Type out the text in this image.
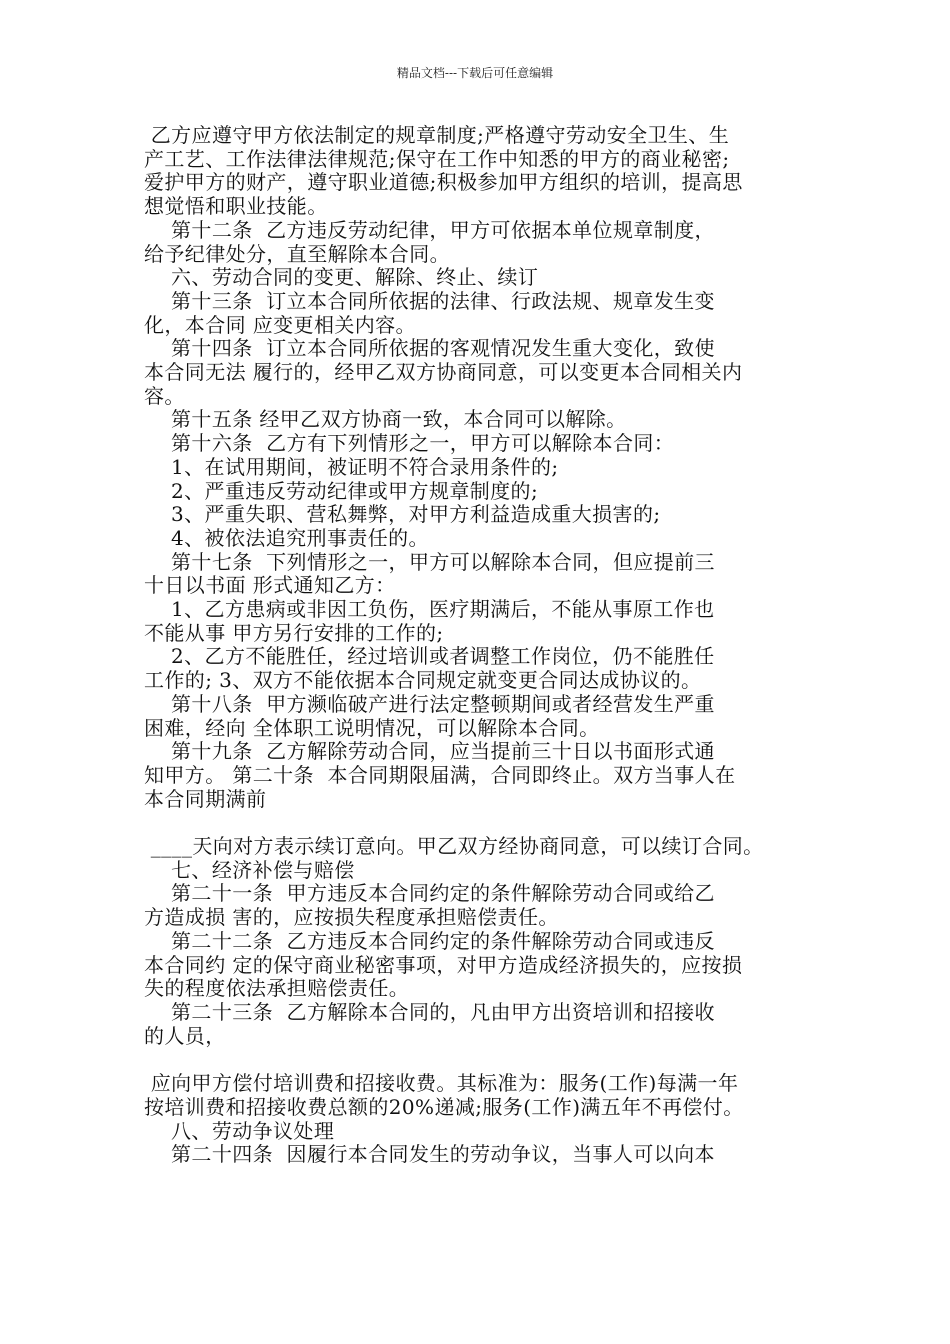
精品文档---下载后可任意编辑

乙方应遵守甲方依法制定的规章制度;严格遵守劳动安全卫生、生

产工艺、工作法律法律规范;保守在工作中知悉的甲方的商业秘密;

爱护甲方的财产，遵守职业道德;积极参加甲方组织的培训，提高思

想觉悟和职业技能。

第十二条  乙方违反劳动纪律，甲方可依据本单位规章制度，

给予纪律处分，直至解除本合同。

六、劳动合同的变更、解除、终止、续订

第十三条  订立本合同所依据的法律、行政法规、规章发生变

化，本合同 应变更相关内容。

第十四条  订立本合同所依据的客观情况发生重大变化，致使

本合同无法 履行的，经甲乙双方协商同意，可以变更本合同相关内

容。

第十五条 经甲乙双方协商一致，本合同可以解除。

第十六条  乙方有下列情形之一，甲方可以解除本合同：

1、在试用期间，被证明不符合录用条件的;

2、严重违反劳动纪律或甲方规章制度的;

3、严重失职、营私舞弊，对甲方利益造成重大损害的;

4、被依法追究刑事责任的。

第十七条  下列情形之一，甲方可以解除本合同，但应提前三

十日以书面 形式通知乙方：

1、乙方患病或非因工负伤，医疗期满后，不能从事原工作也

不能从事 甲方另行安排的工作的;

2、乙方不能胜任，经过培训或者调整工作岗位，仍不能胜任

工作的; 3、双方不能依据本合同规定就变更合同达成协议的。

第十八条  甲方濒临破产进行法定整顿期间或者经营发生严重

困难，经向 全体职工说明情况，可以解除本合同。

第十九条  乙方解除劳动合同，应当提前三十日以书面形式通

知甲方。 第二十条  本合同期限届满，合同即终止。双方当事人在

本合同期满前

____天向对方表示续订意向。甲乙双方经协商同意，可以续订合同。

七、经济补偿与赔偿

第二十一条  甲方违反本合同约定的条件解除劳动合同或给乙

方造成损 害的，应按损失程度承担赔偿责任。

第二十二条  乙方违反本合同约定的条件解除劳动合同或违反

本合同约 定的保守商业秘密事项，对甲方造成经济损失的，应按损

失的程度依法承担赔偿责任。

第二十三条  乙方解除本合同的，凡由甲方出资培训和招接收

的人员，

应向甲方偿付培训费和招接收费。其标准为：服务(工作)每满一年

按培训费和招接收费总额的20%递减;服务(工作)满五年不再偿付。

八、劳动争议处理

第二十四条  因履行本合同发生的劳动争议，当事人可以向本
